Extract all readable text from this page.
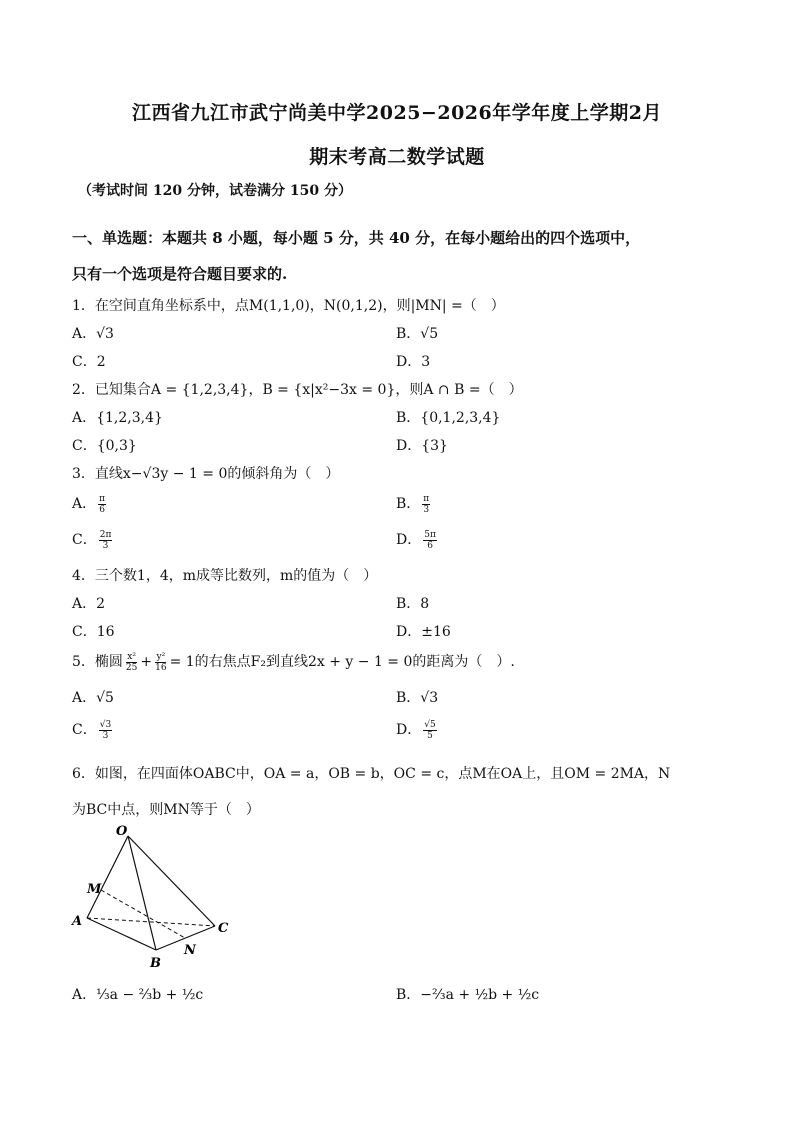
江西省九江市武宁尚美中学2025−2026年学年度上学期2月
期末考高二数学试题
（考试时间 120 分钟，试卷满分 150 分）
一、单选题：本题共 8 小题，每小题 5 分，共 40 分，在每小题给出的四个选项中，
只有一个选项是符合题目要求的.
1．在空间直角坐标系中，点M(1,1,0)，N(0,1,2)，则|MN| =（　）
A．√3	B．√5
C．2	D．3
2．已知集合A = {1,2,3,4}，B = {x|x²−3x = 0}，则A ∩ B =（　）
A．{1,2,3,4}	B．{0,1,2,3,4}
C．{0,3}	D．{3}
3．直线x−√3y − 1 = 0的倾斜角为（　）
A． $\frac{\pi}{6}$	B． $\frac{\pi}{3}$
C． $\frac{2\pi}{3}$	D． $\frac{5\pi}{6}$
4．三个数1，4，m成等比数列，m的值为（　）
A．2	B．8
C．16	D．±16
5．椭圆 $\frac{\text{x²}}{25} + \frac{\text{y²}}{16} = 1$的右焦点F₂到直线2x + y − 1 = 0的距离为（　）.
A．√5	B．√3
C． $\frac{√3}{3}$	D． $\frac{√5}{5}$
6．如图，在四面体OABC中，OA = a，OB = b，OC = c，点M在OA上，且OM = 2MA，N
为BC中点，则MN等于（　）
O
M
A
B
C
N
A．⅓a − ⅔b + ½c	B．−⅔a + ½b + ½c
